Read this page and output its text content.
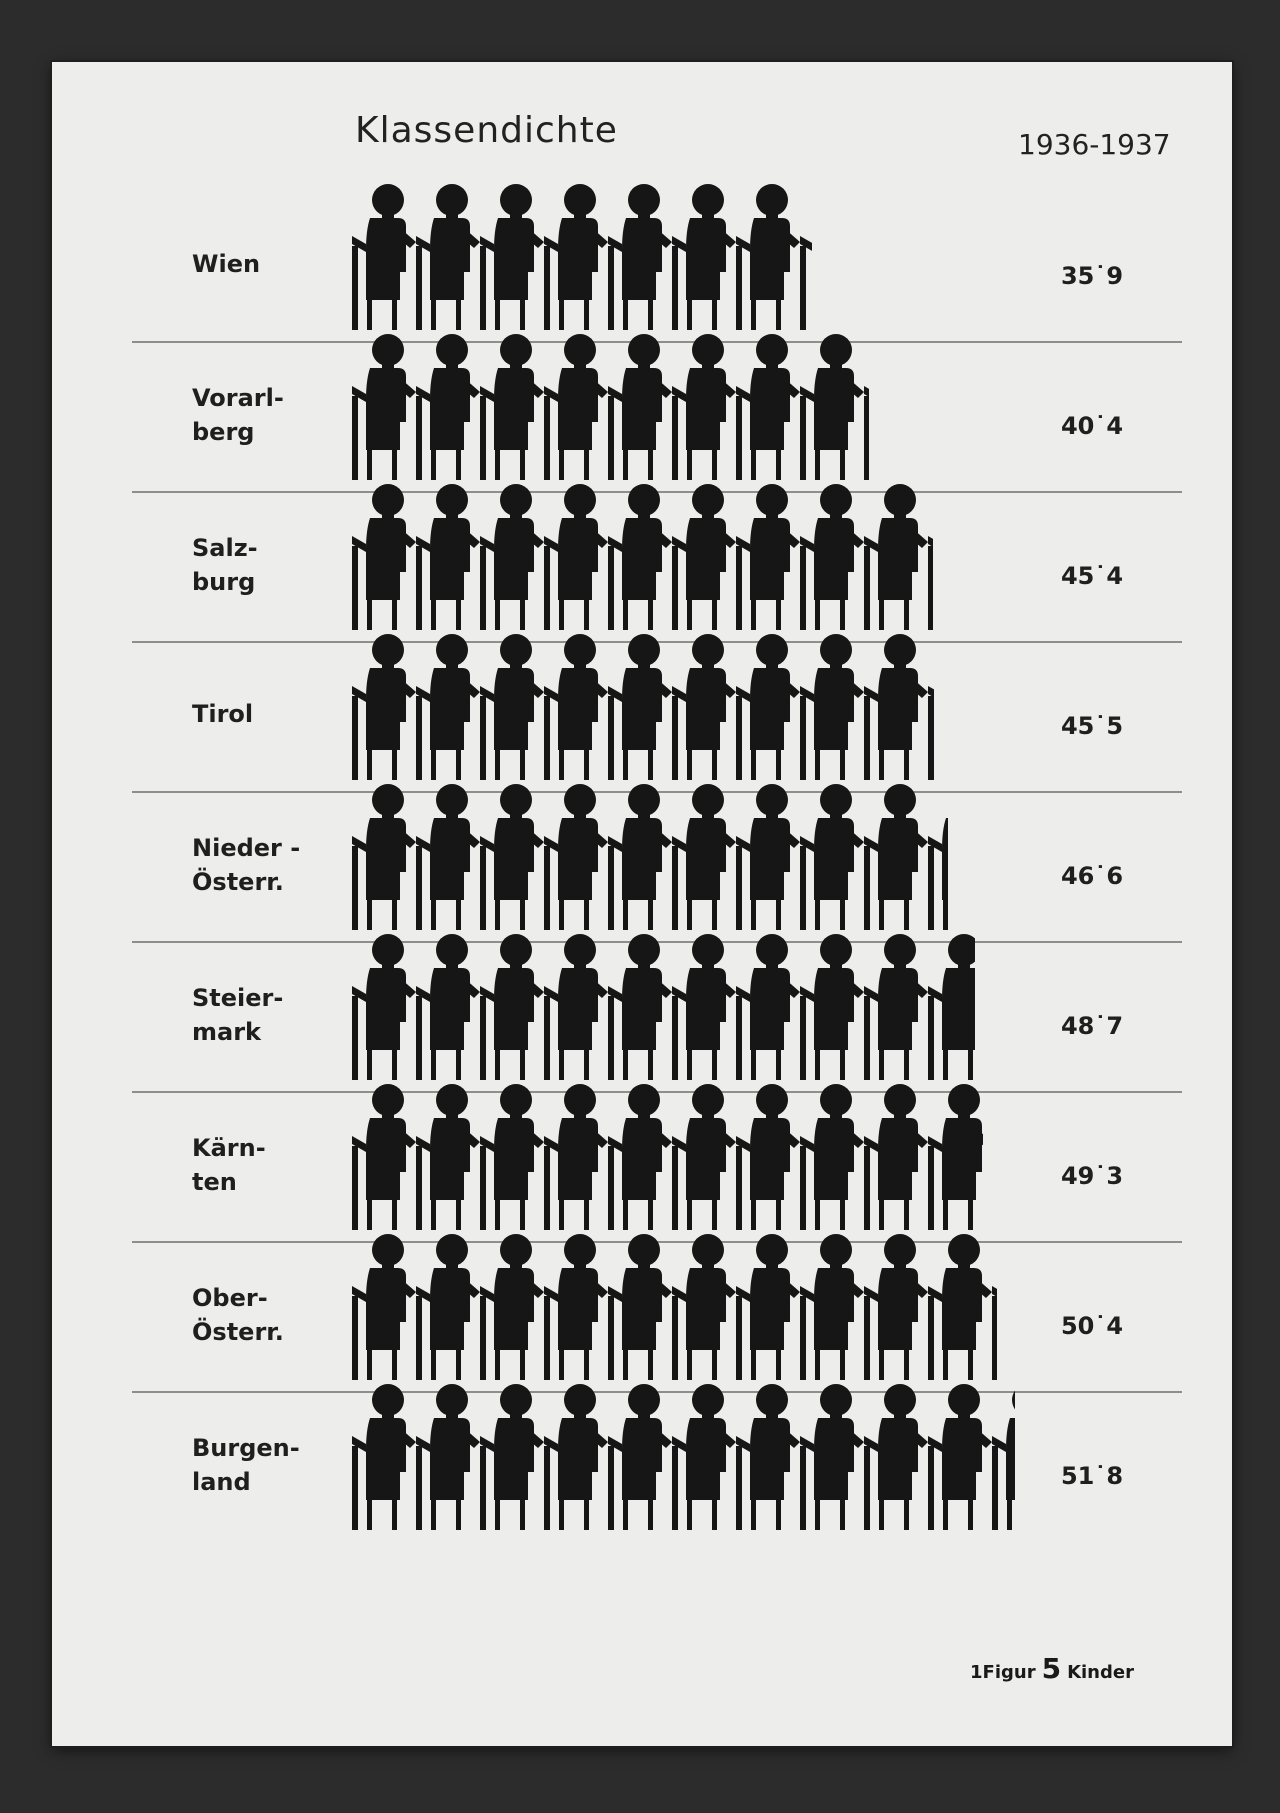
Klassendichte	1936-1937
Wien	35˙9
Vorarl-berg	40˙4
Salz-burg	45˙4
Tirol	45˙5
Nieder -Österr.	46˙6
Steier-mark	48˙7
Kärn-ten	49˙3
Ober-Österr.	50˙4
Burgen-land	51˙8
1Figur 5 Kinder
